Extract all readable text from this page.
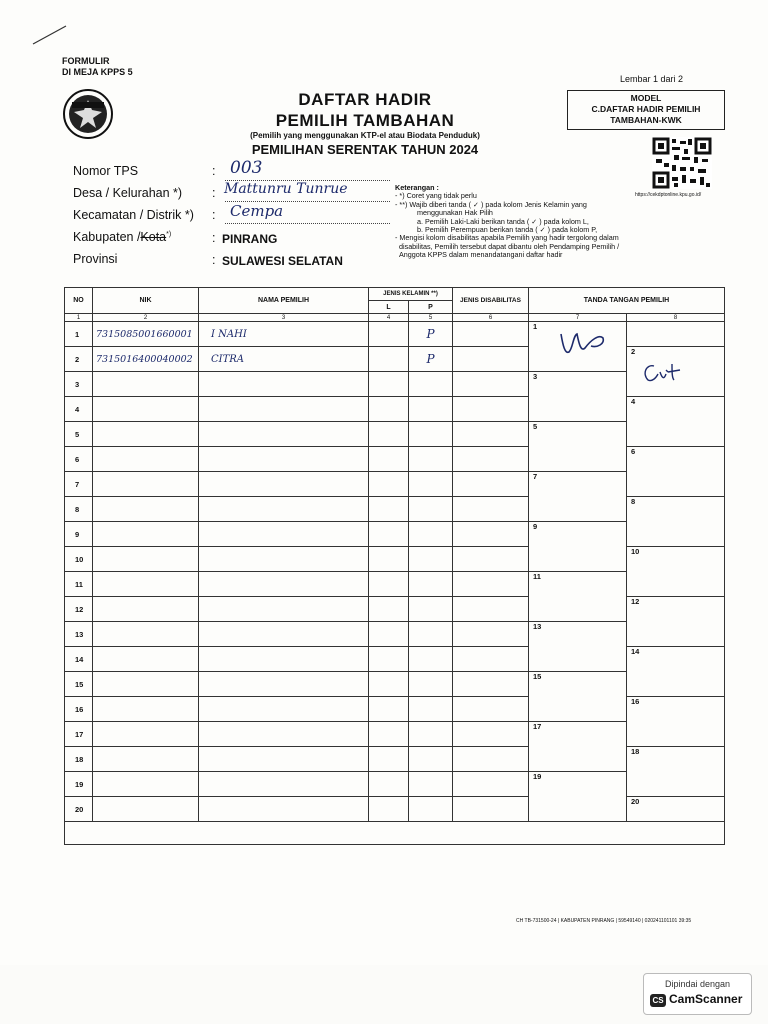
FORMULIR
DI MEJA KPPS 5
DAFTAR HADIR
PEMILIH TAMBAHAN
(Pemilih yang menggunakan KTP-el atau Biodata Penduduk)
PEMILIHAN SERENTAK TAHUN 2024
Lembar 1 dari 2
MODEL
C.DAFTAR HADIR PEMILIH
TAMBAHAN-KWK
https://cekdptonline.kpu.go.id/
Nomor TPS	: 003
Desa / Kelurahan *) : Mattunru Tunrue
Kecamatan / Distrik *) : Cempa
Kabupaten /Kota*)	: PINRANG
Provinsi	: SULAWESI SELATAN
Keterangan :
- *) Coret yang tidak perlu
- **) Wajib diberi tanda ( ✓ ) pada kolom Jenis Kelamin yang
menggunakan Hak Pilih
a. Pemilih Laki-Laki berikan tanda ( ✓ ) pada kolom L,
b. Pemilih Perempuan berikan tanda ( ✓ ) pada kolom P,
- Mengisi kolom disabilitas apabila Pemilih yang hadir tergolong dalam
disabilitas, Pemilih tersebut dapat dibantu oleh Pendamping Pemilih /
Anggota KPPS dalam menandatangani daftar hadir
NO	NIK	NAMA PEMILIH	JENIS KELAMIN **)		JENIS DISABILITAS	TANDA TANGAN PEMILIH	
			L	P			
1	2	3	4	5	6	7	8
1	7315085001660001	I NAHI		P		1	
2	7315016400040002	CITRA		P			2
3						3	
4							4
5						5	
6							6
7						7	
8							8
9						9	
10							10
11						11	
12							12
13						13	
14							14
15						15	
16							16
17						17	
18							18
19						19	
20							20

CH TB-731500-24 | KABUPATEN PINRANG | 59549140 | 020241101101 39:35
Dipindai dengan
CS CamScanner
